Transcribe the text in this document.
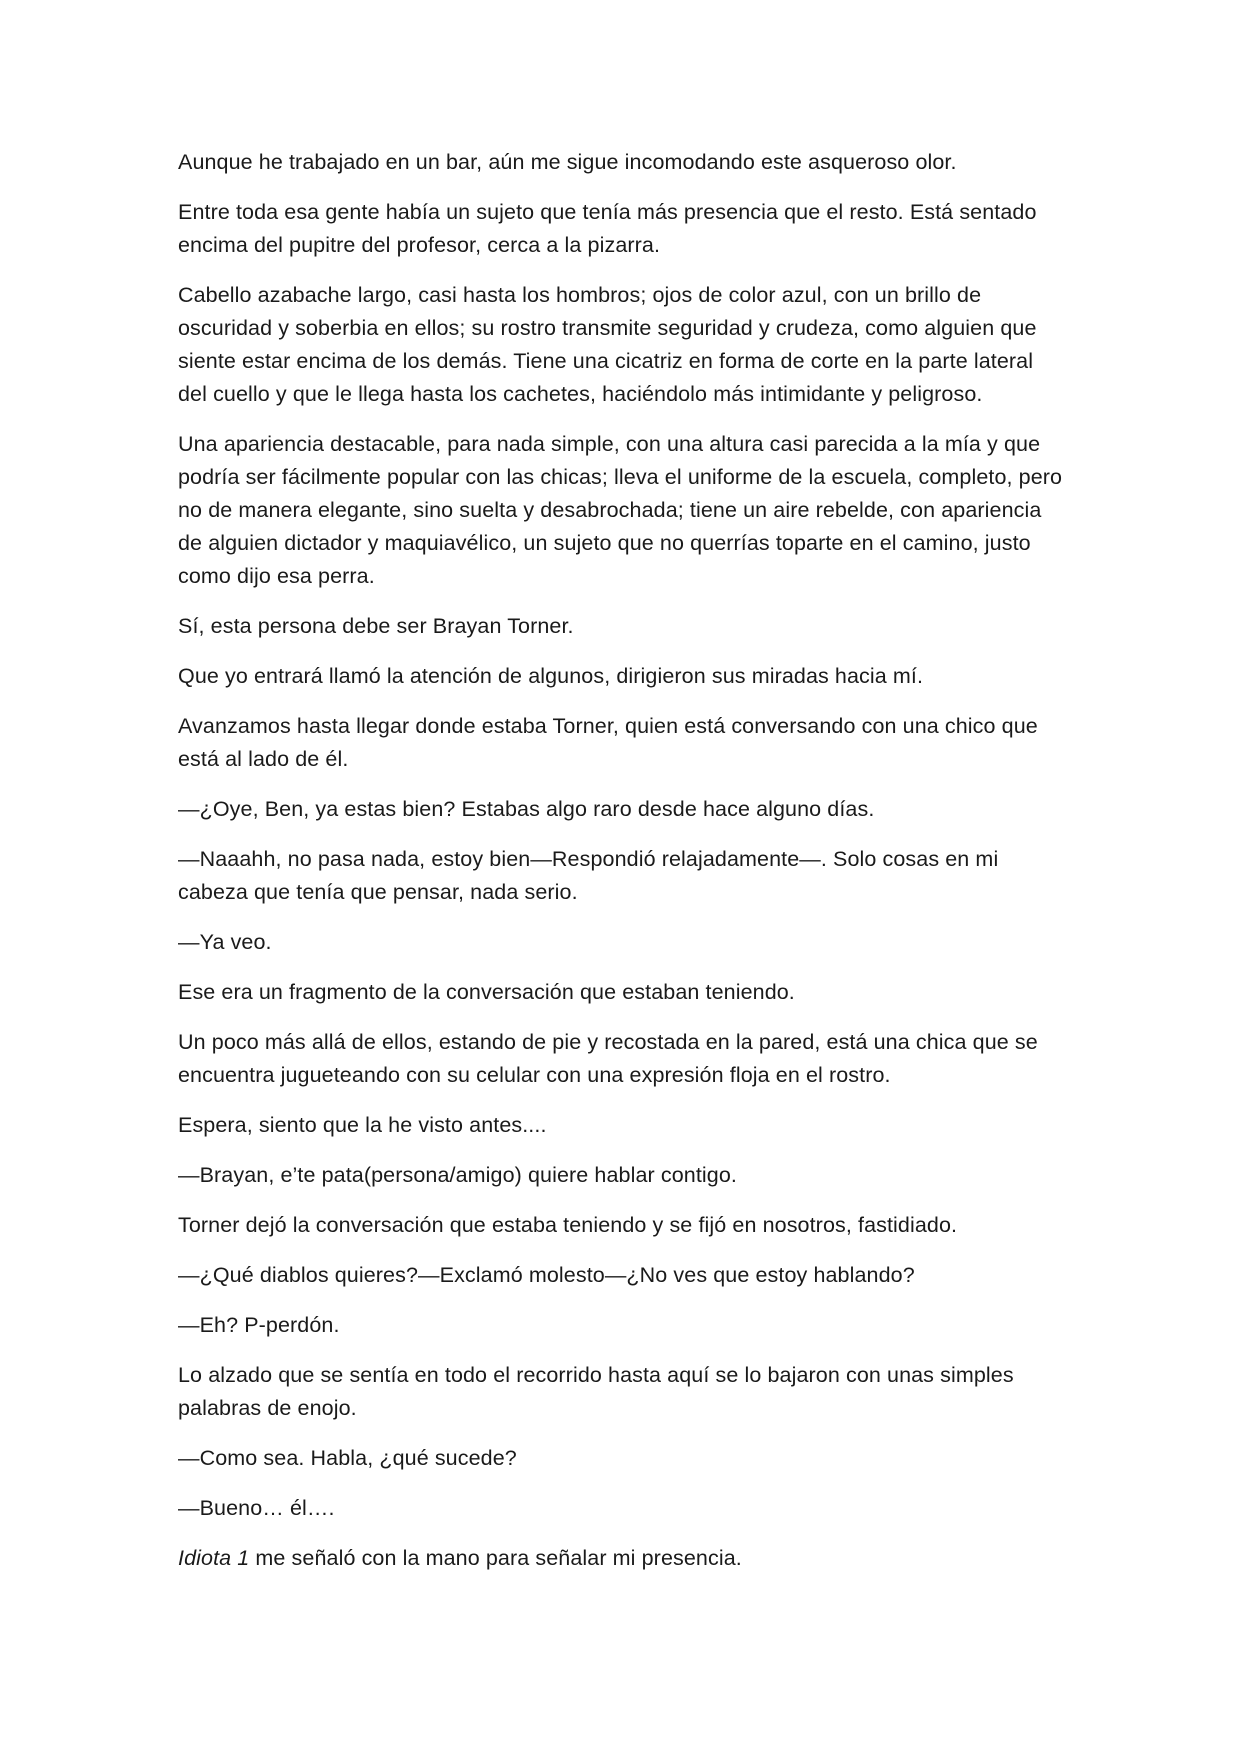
Aunque he trabajado en un bar, aún me sigue incomodando este asqueroso olor.

Entre toda esa gente había un sujeto que tenía más presencia que el resto. Está sentado encima del pupitre del profesor, cerca a la pizarra.

Cabello azabache largo, casi hasta los hombros; ojos de color azul, con un brillo de oscuridad y soberbia en ellos; su rostro transmite seguridad y crudeza, como alguien que siente estar encima de los demás. Tiene una cicatriz en forma de corte en la parte lateral del cuello y que le llega hasta los cachetes, haciéndolo más intimidante y peligroso.

Una apariencia destacable, para nada simple, con una altura casi parecida a la mía y que podría ser fácilmente popular con las chicas; lleva el uniforme de la escuela, completo, pero no de manera elegante, sino suelta y desabrochada; tiene un aire rebelde, con apariencia de alguien dictador y maquiavélico, un sujeto que no querrías toparte en el camino, justo como dijo esa perra.

Sí, esta persona debe ser Brayan Torner.

Que yo entrará llamó la atención de algunos, dirigieron sus miradas hacia mí.

Avanzamos hasta llegar donde estaba Torner, quien está conversando con una chico que está al lado de él.

—¿Oye, Ben, ya estas bien? Estabas algo raro desde hace alguno días.

—Naaahh, no pasa nada, estoy bien—Respondió relajadamente—. Solo cosas en mi cabeza que tenía que pensar, nada serio.

—Ya veo.

Ese era un fragmento de la conversación que estaban teniendo.

Un poco más allá de ellos, estando de pie y recostada en la pared, está una chica que se encuentra jugueteando con su celular con una expresión floja en el rostro.

Espera, siento que la he visto antes....

—Brayan, e’te pata(persona/amigo) quiere hablar contigo.

Torner dejó la conversación que estaba teniendo y se fijó en nosotros, fastidiado.

—¿Qué diablos quieres?—Exclamó molesto—¿No ves que estoy hablando?

—Eh? P-perdón.

Lo alzado que se sentía en todo el recorrido hasta aquí se lo bajaron con unas simples palabras de enojo.

—Como sea. Habla, ¿qué sucede?

—Bueno… él….

Idiota 1 me señaló con la mano para señalar mi presencia.
